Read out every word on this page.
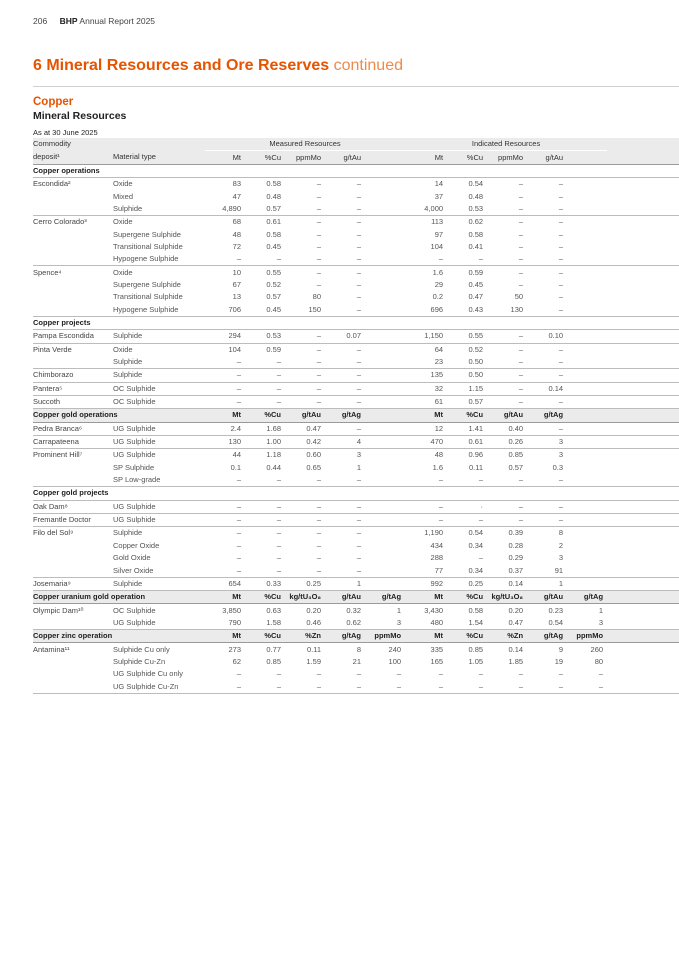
206 BHP Annual Report 2025
6 Mineral Resources and Ore Reserves continued
Copper
Mineral Resources
As at 30 June 2025
Commodity		Measured Resources					Indicated Resources					
deposit¹	Material type	Mt	%Cu	ppmMo	g/tAu		Mt	%Cu	ppmMo	g/tAu		
Copper operations												
Escondida²	Oxide	83	0.58	–	–		14	0.54	–	–		
	Mixed	47	0.48	–	–		37	0.48	–	–		
	Sulphide	4,890	0.57	–	–		4,000	0.53	–	–		
Cerro Colorado³	Oxide	68	0.61	–	–		113	0.62	–	–		
	Supergene Sulphide	48	0.58	–	–		97	0.58	–	–		
	Transitional Sulphide	72	0.45	–	–		104	0.41	–	–		
	Hypogene Sulphide	–	–	–	–		–	–	–	–		
Spence⁴	Oxide	10	0.55	–	–		1.6	0.59	–	–		
	Supergene Sulphide	67	0.52	–	–		29	0.45	–	–		
	Transitional Sulphide	13	0.57	80	–		0.2	0.47	50	–		
	Hypogene Sulphide	706	0.45	150	–		696	0.43	130	–		
Copper projects												
Pampa Escondida	Sulphide	294	0.53	–	0.07		1,150	0.55	–	0.10		
Pinta Verde	Oxide	104	0.59	–	–		64	0.52	–	–		
	Sulphide	–	–	–	–		23	0.50	–	–		
Chimborazo	Sulphide	–	–	–	–		135	0.50	–	–		
Pantera⁵	OC Sulphide	–	–	–	–		32	1.15	–	0.14		
Succoth	OC Sulphide	–	–	–	–		61	0.57	–	–		
Copper gold operations		Mt	%Cu	g/tAu	g/tAg		Mt	%Cu	g/tAu	g/tAg		
Pedra Branca⁶	UG Sulphide	2.4	1.68	0.47	–		12	1.41	0.40	–		
Carrapateena	UG Sulphide	130	1.00	0.42	4		470	0.61	0.26	3		
Prominent Hill⁷	UG Sulphide	44	1.18	0.60	3		48	0.96	0.85	3		
	SP Sulphide	0.1	0.44	0.65	1		1.6	0.11	0.57	0.3		
	SP Low-grade	–	–	–	–		–	–	–	–		
Copper gold projects												
Oak Dam⁸	UG Sulphide	–	–	–	–		–	·	–	–		
Fremantle Doctor	UG Sulphide	–	–	–	–		–	–	–	–		
Filo del Sol⁹	Sulphide	–	–	–	–		1,190	0.54	0.39	8		
	Copper Oxide	–	–	–	–		434	0.34	0.28	2		
	Gold Oxide	–	–	–	–		288	–	0.29	3		
	Silver Oxide	–	–	–	–		77	0.34	0.37	91		
Josemaria⁹	Sulphide	654	0.33	0.25	1		992	0.25	0.14	1		
Copper uranium gold operation		Mt	%Cu	kg/tU₃O₈	g/tAu	g/tAg	Mt	%Cu	kg/tU₃O₈	g/tAu	g/tAg	
Olympic Dam¹⁰	OC Sulphide	3,850	0.63	0.20	0.32	1	3,430	0.58	0.20	0.23	1	
	UG Sulphide	790	1.58	0.46	0.62	3	480	1.54	0.47	0.54	3	
Copper zinc operation		Mt	%Cu	%Zn	g/tAg	ppmMo	Mt	%Cu	%Zn	g/tAg	ppmMo	
Antamina¹¹	Sulphide Cu only	273	0.77	0.11	8	240	335	0.85	0.14	9	260	
	Sulphide Cu-Zn	62	0.85	1.59	21	100	165	1.05	1.85	19	80	
	UG Sulphide Cu only	–	–	–	–	–	–	–	–	–	–	
	UG Sulphide Cu-Zn	–	–	–	–	–	–	–	–	–	–	
